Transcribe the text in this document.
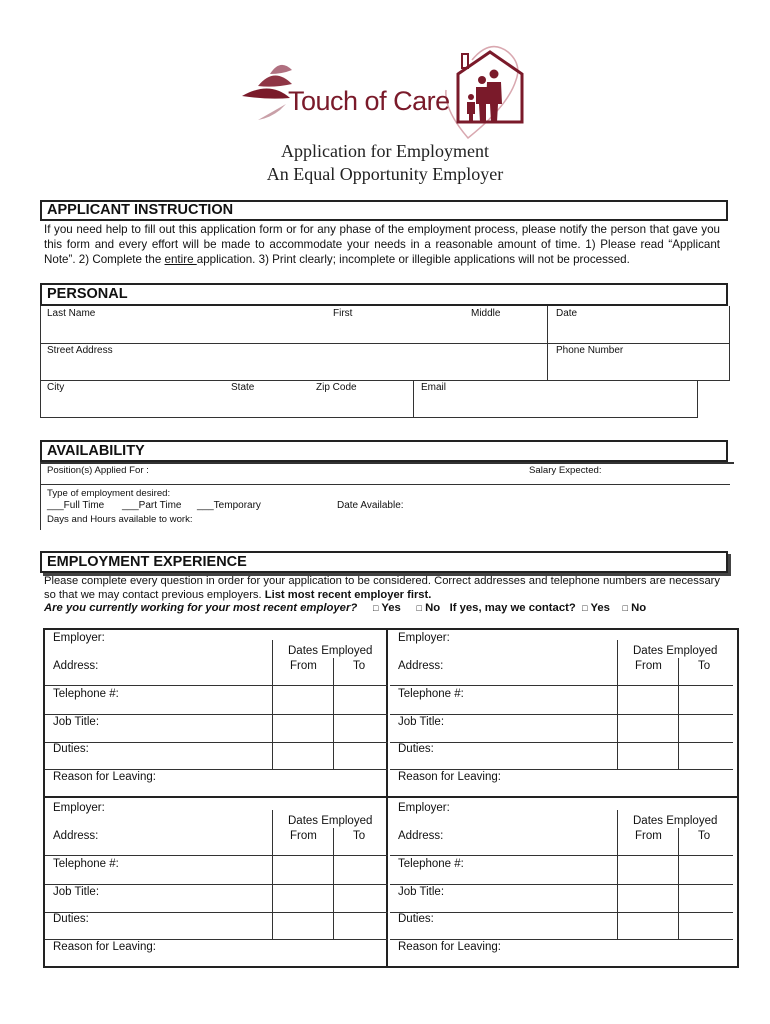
Touch of Care
Application for Employment
An Equal Opportunity Employer
APPLICANT INSTRUCTION
If you need help to fill out this application form or for any phase of the employment process, please notify the person that gave you this form and every effort will be made to accommodate your needs in a reasonable amount of time. 1) Please read “Applicant Note”. 2) Complete the entire application. 3) Print clearly; incomplete or illegible applications will not be processed.
PERSONAL
Last Name	First	Middle	Date
Street Address	Phone Number
City	State	Zip Code	Email
AVAILABILITY
Position(s) Applied For :	Salary Expected:
Type of employment desired:
___Full Time ___Part Time ___Temporary	Date Available:
Days and Hours available to work:
EMPLOYMENT EXPERIENCE
Please complete every question in order for your application to be considered. Correct addresses and telephone numbers are necessary so that we may contact previous employers. List most recent employer first.
Are you currently working for your most recent employer? □ Yes □ No If yes, may we contact? □ Yes □ No
Employer:
Dates Employed
From	To
Address:
Telephone #:
Job Title:
Duties:
Reason for Leaving:
Employer:
Dates Employed
From	To
Address:
Telephone #:
Job Title:
Duties:
Reason for Leaving:
Employer:
Dates Employed
From	To
Address:
Telephone #:
Job Title:
Duties:
Reason for Leaving:
Employer:
Dates Employed
From	To
Address:
Telephone #:
Job Title:
Duties:
Reason for Leaving:
